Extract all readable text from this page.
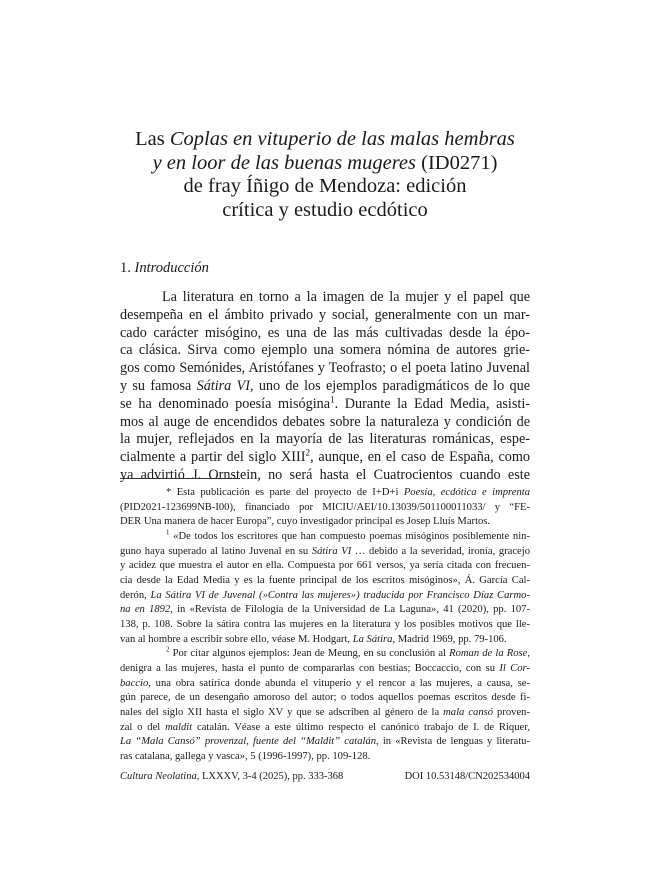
Las Coplas en vituperio de las malas hembras
y en loor de las buenas mugeres (ID0271)
de fray Íñigo de Mendoza: edición
crítica y estudio ecdótico
1. Introducción

La literatura en torno a la imagen de la mujer y el papel que
desempeña en el ámbito privado y social, generalmente con un mar-
cado carácter misógino, es una de las más cultivadas desde la épo-
ca clásica. Sirva como ejemplo una somera nómina de autores grie-
gos como Semónides, Aristófanes y Teofrasto; o el poeta latino Juvenal
y su famosa Sátira VI, uno de los ejemplos paradigmáticos de lo que
se ha denominado poesía misógina$^1$. Durante la Edad Media, asisti-
mos al auge de encendidos debates sobre la naturaleza y condición de
la mujer, reflejados en la mayoría de las literaturas románicas, espe-
cialmente a partir del siglo XIII$^2$, aunque, en el caso de España, como
ya advirtió J. Ornstein, no será hasta el Cuatrocientos cuando este

* Esta publicación es parte del proyecto de I+D+i Poesía, ecdótica e imprenta
(PID2021-123699NB-I00), financiado por MICIU/AEI/10.13039/501100011033/ y “FE-
DER Una manera de hacer Europa”, cuyo investigador principal es Josep Lluís Martos.
$^1$ «De todos los escritores que han compuesto poemas misóginos posiblemente nin-
guno haya superado al latino Juvenal en su Sátira VI … debido a la severidad, ironía, gracejo
y acidez que muestra el autor en ella. Compuesta por 661 versos, ya sería citada con frecuen-
cia desde la Edad Media y es la fuente principal de los escritos misóginos», Á. García Cal-
derón, La Sátira VI de Juvenal (»Contra las mujeres») traducida por Francisco Díaz Carmo-
na en 1892, in «Revista de Filología de la Universidad de La Laguna», 41 (2020), pp. 107-
138, p. 108. Sobre la sátira contra las mujeres en la literatura y los posibles motivos que lle-
van al hombre a escribir sobre ello, véase M. Hodgart, La Sátira, Madrid 1969, pp. 79-106.
$^2$ Por citar algunos ejemplos: Jean de Meung, en su conclusión al Roman de la Rose,
denigra a las mujeres, hasta el punto de compararlas con bestias; Boccaccio, con su Il Cor-
baccio, una obra satírica donde abunda el vituperio y el rencor a las mujeres, a causa, se-
gún parece, de un desengaño amoroso del autor; o todos aquellos poemas escritos desde fi-
nales del siglo XII hasta el siglo XV y que se adscriben al género de la mala cansó proven-
zal o del maldit catalán. Véase a este último respecto el canónico trabajo de I. de Riquer,
La “Mala Cansó” provenzal, fuente del “Maldit” catalán, in «Revista de lenguas y literatu-
ras catalana, gallega y vasca», 5 (1996-1997), pp. 109-128.
Cultura Neolatina, LXXXV, 3-4 (2025), pp. 333-368	DOI 10.53148/CN202534004
